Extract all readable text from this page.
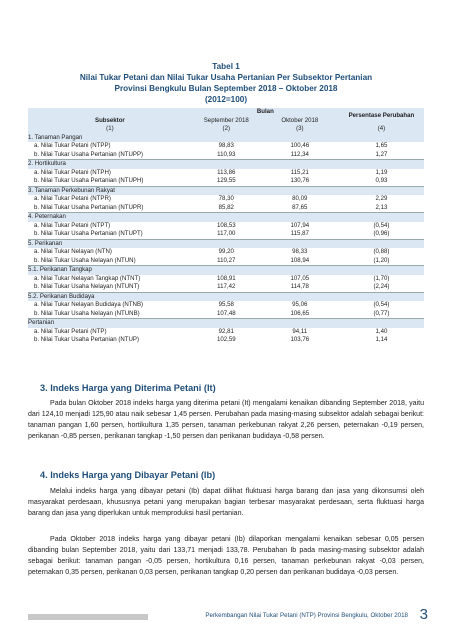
Tabel 1
Nilai Tukar Petani dan Nilai Tukar Usaha Pertanian Per Subsektor Pertanian
Provinsi Bengkulu Bulan September 2018 – Oktober 2018
(2012=100)
Subsektor	Bulan		Persentase Perubahan
	September 2018	Oktober 2018	
(1)	(2)	(3)	(4)
1. Tanaman Pangan			
a. Nilai Tukar Petani (NTPP)	98,83	100,46	1,65
b. Nilai Tukar Usaha Pertanian (NTUPP)	110,93	112,34	1,27
2. Hortikultura			
a. Nilai Tukar Petani (NTPH)	113,86	115,21	1,19
b. Nilai Tukar Usaha Pertanian (NTUPH)	129,55	130,76	0,93
3. Tanaman Perkebunan Rakyat			
a. Nilai Tukar Petani (NTPR)	78,30	80,09	2,29
b. Nilai Tukar Usaha Pertanian (NTUPR)	85,82	87,65	2,13
4. Peternakan			
a. Nilai Tukar Petani (NTPT)	108,53	107,94	(0,54)
b. Nilai Tukar Usaha Pertanian (NTUPT)	117,00	115,87	(0,96)
5. Perikanan			
a. Nilai Tukar Nelayan (NTN)	99,20	98,33	(0,88)
b. Nilai Tukar Usaha Nelayan (NTUN)	110,27	108,94	(1,20)
5.1. Perikanan Tangkap			
a. Nilai Tukar Nelayan Tangkap (NTNT)	108,91	107,05	(1,70)
b. Nilai Tukar Usaha Nelayan (NTUNT)	117,42	114,78	(2,24)
5.2. Perikanan Budidaya			
a. Nilai Tukar Nelayan Budidaya (NTNB)	95,58	95,06	(0,54)
b. Nilai Tukar Usaha Nelayan (NTUNB)	107,48	106,65	(0,77)
Pertanian			
a. Nilai Tukar Petani (NTP)	92,81	94,11	1,40
b. Nilai Tukar Usaha Pertanian (NTUP)	102,59	103,76	1,14
3. Indeks Harga yang Diterima Petani (It)

Pada bulan Oktober 2018 indeks harga yang diterima petani (It) mengalami kenaikan dibanding September 2018, yaitu dari 124,10 menjadi 125,90 atau naik sebesar 1,45 persen. Perubahan pada masing-masing subsektor adalah sebagai berikut: tanaman pangan 1,60 persen, hortikultura 1,35 persen, tanaman perkebunan rakyat 2,26 persen, peternakan -0,19 persen, perikanan -0,85 persen, perikanan tangkap -1,50 persen dan perikanan budidaya -0,58 persen.

4. Indeks Harga yang Dibayar Petani (Ib)

Melalui indeks harga yang dibayar petani (Ib) dapat dilihat fluktuasi harga barang dan jasa yang dikonsumsi oleh masyarakat perdesaan, khususnya petani yang merupakan bagian terbesar masyarakat perdesaan, serta fluktuasi harga barang dan jasa yang diperlukan untuk memproduksi hasil pertanian.

Pada Oktober 2018 indeks harga yang dibayar petani (Ib) dilaporkan mengalami kenaikan sebesar 0,05 persen dibanding bulan September 2018, yaitu dari 133,71 menjadi 133,78. Perubahan Ib pada masing-masing subsektor adalah sebagai berikut: tanaman pangan -0,05 persen, hortikultura 0,16 persen, tanaman perkebunan rakyat -0,03 persen, peternakan 0,35 persen, perikanan 0,03 persen, perikanan tangkap 0,20 persen dan perikanan budidaya -0,03 persen.

Perkembangan Nilai Tukar Petani (NTP) Provinsi Bengkulu, Oktober 2018 3
